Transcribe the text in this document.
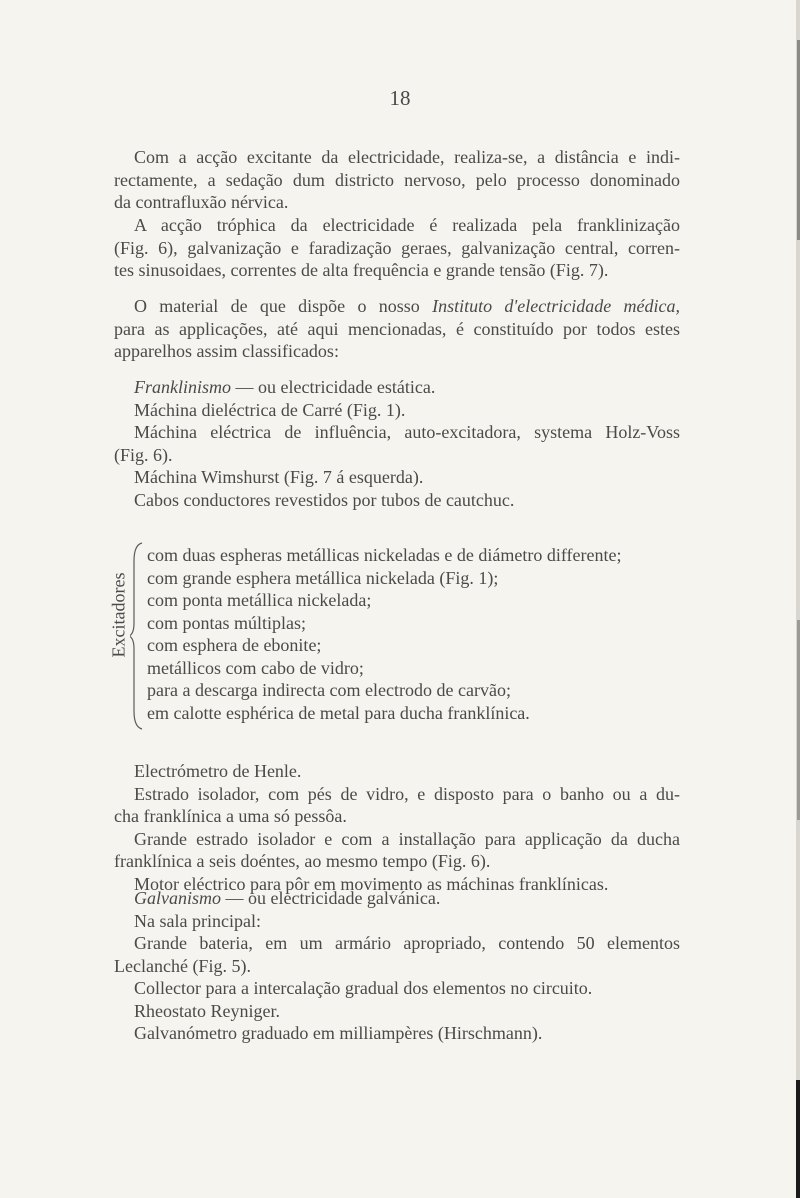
18

Com a acção excitante da electricidade, realiza-se, a distância e indi-

rectamente, a sedação dum districto nervoso, pelo processo donominado

da contrafluxão nérvica.

A acção tróphica da electricidade é realizada pela franklinização

(Fig. 6), galvanização e faradização geraes, galvanização central, corren-

tes sinusoidaes, correntes de alta frequência e grande tensão (Fig. 7).

O material de que dispõe o nosso Instituto d'electricidade médica,

para as applicações, até aqui mencionadas, é constituído por todos estes

apparelhos assim classificados:

Franklinismo — ou electricidade estática.

Máchina dieléctrica de Carré (Fig. 1).

Máchina eléctrica de influência, auto-excitadora, systema Holz-Voss

(Fig. 6).

Máchina Wimshurst (Fig. 7 á esquerda).

Cabos conductores revestidos por tubos de cautchuc.

Excitadores

com duas espheras metállicas nickeladas e de diámetro differente;

com grande esphera metállica nickelada (Fig. 1);

com ponta metállica nickelada;

com pontas múltiplas;

com esphera de ebonite;

metállicos com cabo de vidro;

para a descarga indirecta com electrodo de carvão;

em calotte esphérica de metal para ducha franklínica.

Electrómetro de Henle.

Estrado isolador, com pés de vidro, e disposto para o banho ou a du-

cha franklínica a uma só pessôa.

Grande estrado isolador e com a installação para applicação da ducha

franklínica a seis doéntes, ao mesmo tempo (Fig. 6).

Motor eléctrico para pôr em movimento as máchinas franklínicas.

Galvanismo — ou electricidade galvánica.

Na sala principal:

Grande bateria, em um armário apropriado, contendo 50 elementos

Leclanché (Fig. 5).

Collector para a intercalação gradual dos elementos no circuito.

Rheostato Reyniger.

Galvanómetro graduado em milliampères (Hirschmann).
